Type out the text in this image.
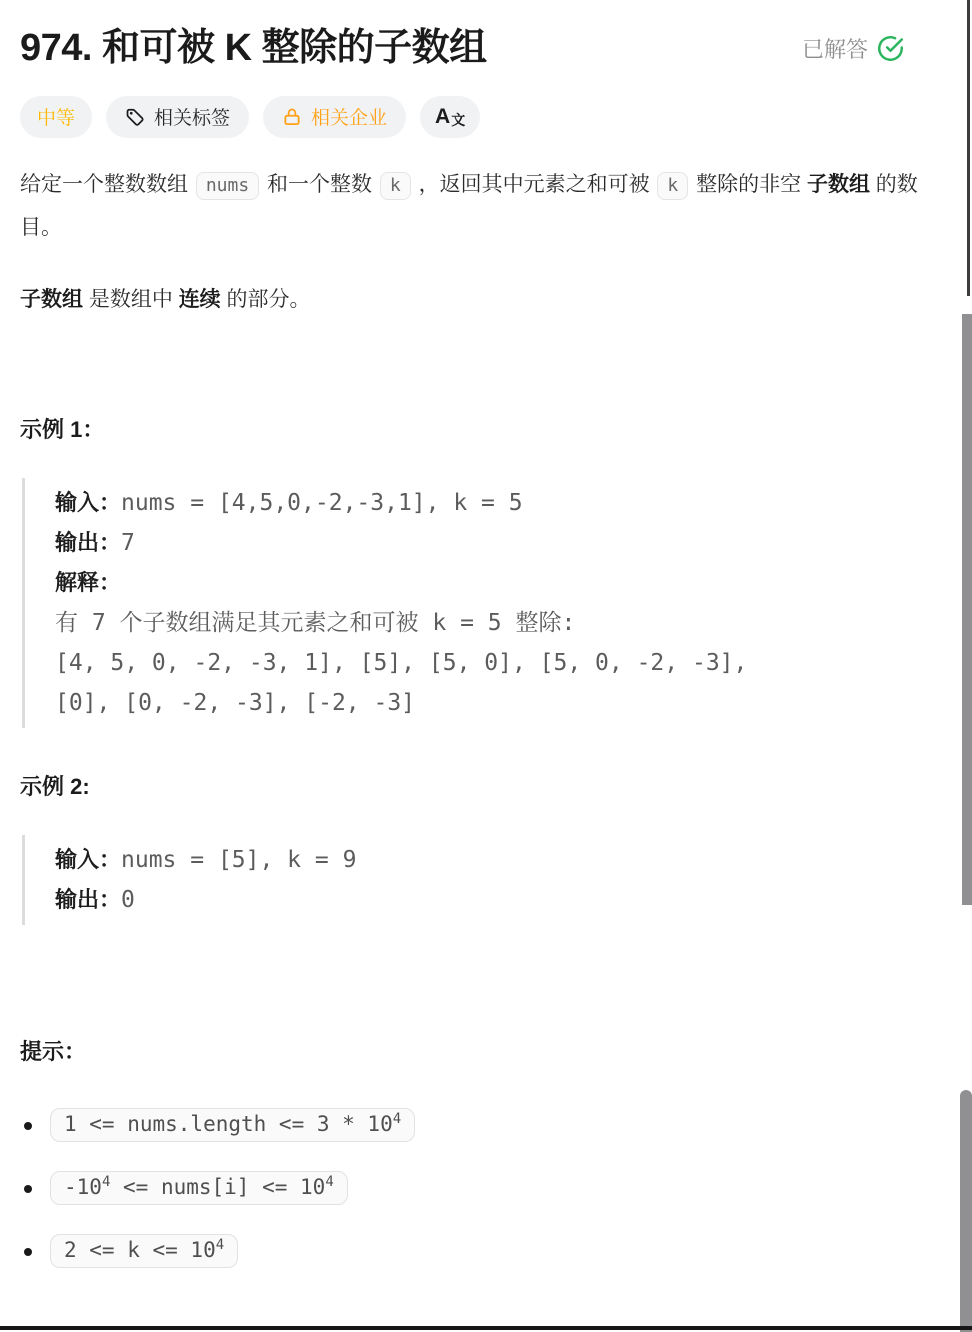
974. 和可被 K 整除的子数组	已解答
中等	相关标签	相关企业 A文

给定一个整数数组 nums 和一个整数 k ，返回其中元素之和可被 k 整除的非空 子数组 的数目。

子数组 是数组中 连续 的部分。

示例 1：
输入：nums = [4,5,0,-2,-3,1], k = 5
输出：7
解释：
有 7 个子数组满足其元素之和可被 k = 5 整除:
[4, 5, 0, -2, -3, 1], [5], [5, 0], [5, 0, -2, -3],
[0], [0, -2, -3], [-2, -3]
示例 2:
输入：nums = [5], k = 9
输出：0
提示：
1 <= nums.length <= $3 * 10^4$
$-10^4$ <= nums[i] <= $10^4$
$2 <= k <= 10^4$
